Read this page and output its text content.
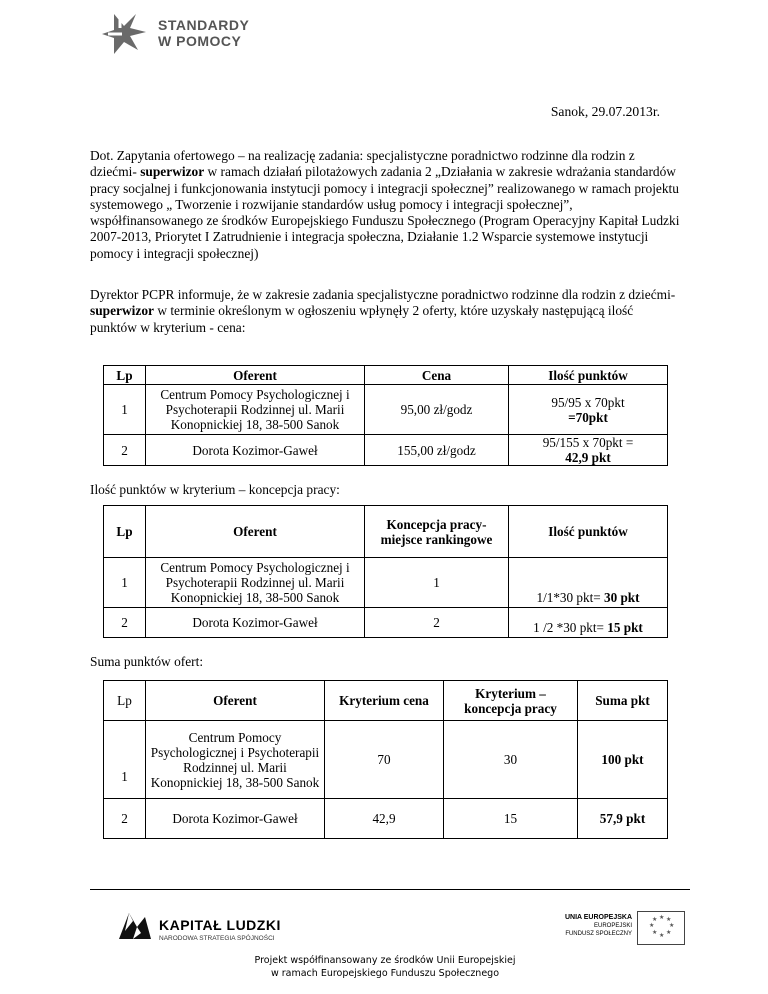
STANDARDY
W POMOCY
Sanok, 29.07.2013r.
Dot. Zapytania ofertowego – na realizację zadania: specjalistyczne poradnictwo rodzinne dla rodzin z dziećmi- superwizor w ramach działań pilotażowych zadania 2 „Działania w zakresie wdrażania standardów pracy socjalnej i funkcjonowania instytucji pomocy i integracji społecznej” realizowanego w ramach projektu systemowego „ Tworzenie i rozwijanie standardów usług pomocy i integracji społecznej”, współfinansowanego ze środków Europejskiego Funduszu Społecznego (Program Operacyjny Kapitał Ludzki 2007-2013, Priorytet I Zatrudnienie i integracja społeczna, Działanie 1.2 Wsparcie systemowe instytucji pomocy i integracji społecznej)
Dyrektor PCPR informuje, że w zakresie zadania specjalistyczne poradnictwo rodzinne dla rodzin z dziećmi-superwizor w terminie określonym w ogłoszeniu wpłynęły 2 oferty, które uzyskały następującą ilość punktów w kryterium - cena:
Lp	Oferent	Cena	Ilość punktów
1	Centrum Pomocy Psychologicznej i Psychoterapii Rodzinnej ul. Marii Konopnickiej 18, 38-500 Sanok	95,00 zł/godz	95/95 x 70pkt
=70pkt
2	Dorota Kozimor-Gaweł	155,00 zł/godz	95/155 x 70pkt =
42,9 pkt
Ilość punktów w kryterium – koncepcja pracy:
Lp	Oferent	Koncepcja pracy- miejsce rankingowe	Ilość punktów
1	Centrum Pomocy Psychologicznej i Psychoterapii Rodzinnej ul. Marii Konopnickiej 18, 38-500 Sanok	1	1/1*30 pkt= 30 pkt
2	Dorota Kozimor-Gaweł	2	1 /2 *30 pkt= 15 pkt
Suma punktów ofert:
Lp	Oferent	Kryterium cena	Kryterium – koncepcja pracy	Suma pkt
1	Centrum Pomocy Psychologicznej i Psychoterapii Rodzinnej ul. Marii Konopnickiej 18, 38-500 Sanok	70	30	100 pkt
2	Dorota Kozimor-Gaweł	42,9	15	57,9 pkt
KAPITAŁ LUDZKI
NARODOWA STRATEGIA SPÓJNOŚCI
UNIA EUROPEJSKA
EUROPEJSKI
FUNDUSZ SPOŁECZNY
★ ★
★
★
★
★
★
★
Projekt współfinansowany ze środków Unii Europejskiej
w ramach Europejskiego Funduszu Społecznego
